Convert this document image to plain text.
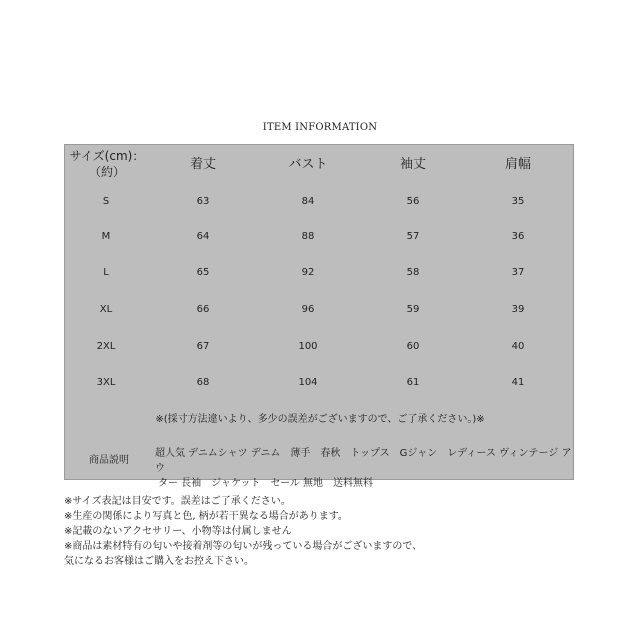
ITEM INFORMATION
サイズ(cm)：
（約）	着丈	バスト	袖丈	肩幅
S	63	84	56	35
M	64	88	57	36
L	65	92	58	37
XL	66	96	59	39
2XL	67	100	60	40
3XL	68	104	61	41
※(採寸方法違いより、多少の誤差がございますので、ご了承ください。)※
商品説明
超人気 デニムシャツ デニム　薄手　春秋　トップス　Gジャン　レディース ヴィンテージ アウ
ター 長袖　ジャケット　セール 無地　送料無料
※サイズ表記は目安です。誤差はご了承ください。
※生産の関係により写真と色, 柄が若干異なる場合があります。
※記載のないアクセサリー、小物等は付属しません
※商品は素材特有の匂いや接着剤等の匂いが残っている場合がございますので、
気になるお客様はご購入をお控え下さい。
